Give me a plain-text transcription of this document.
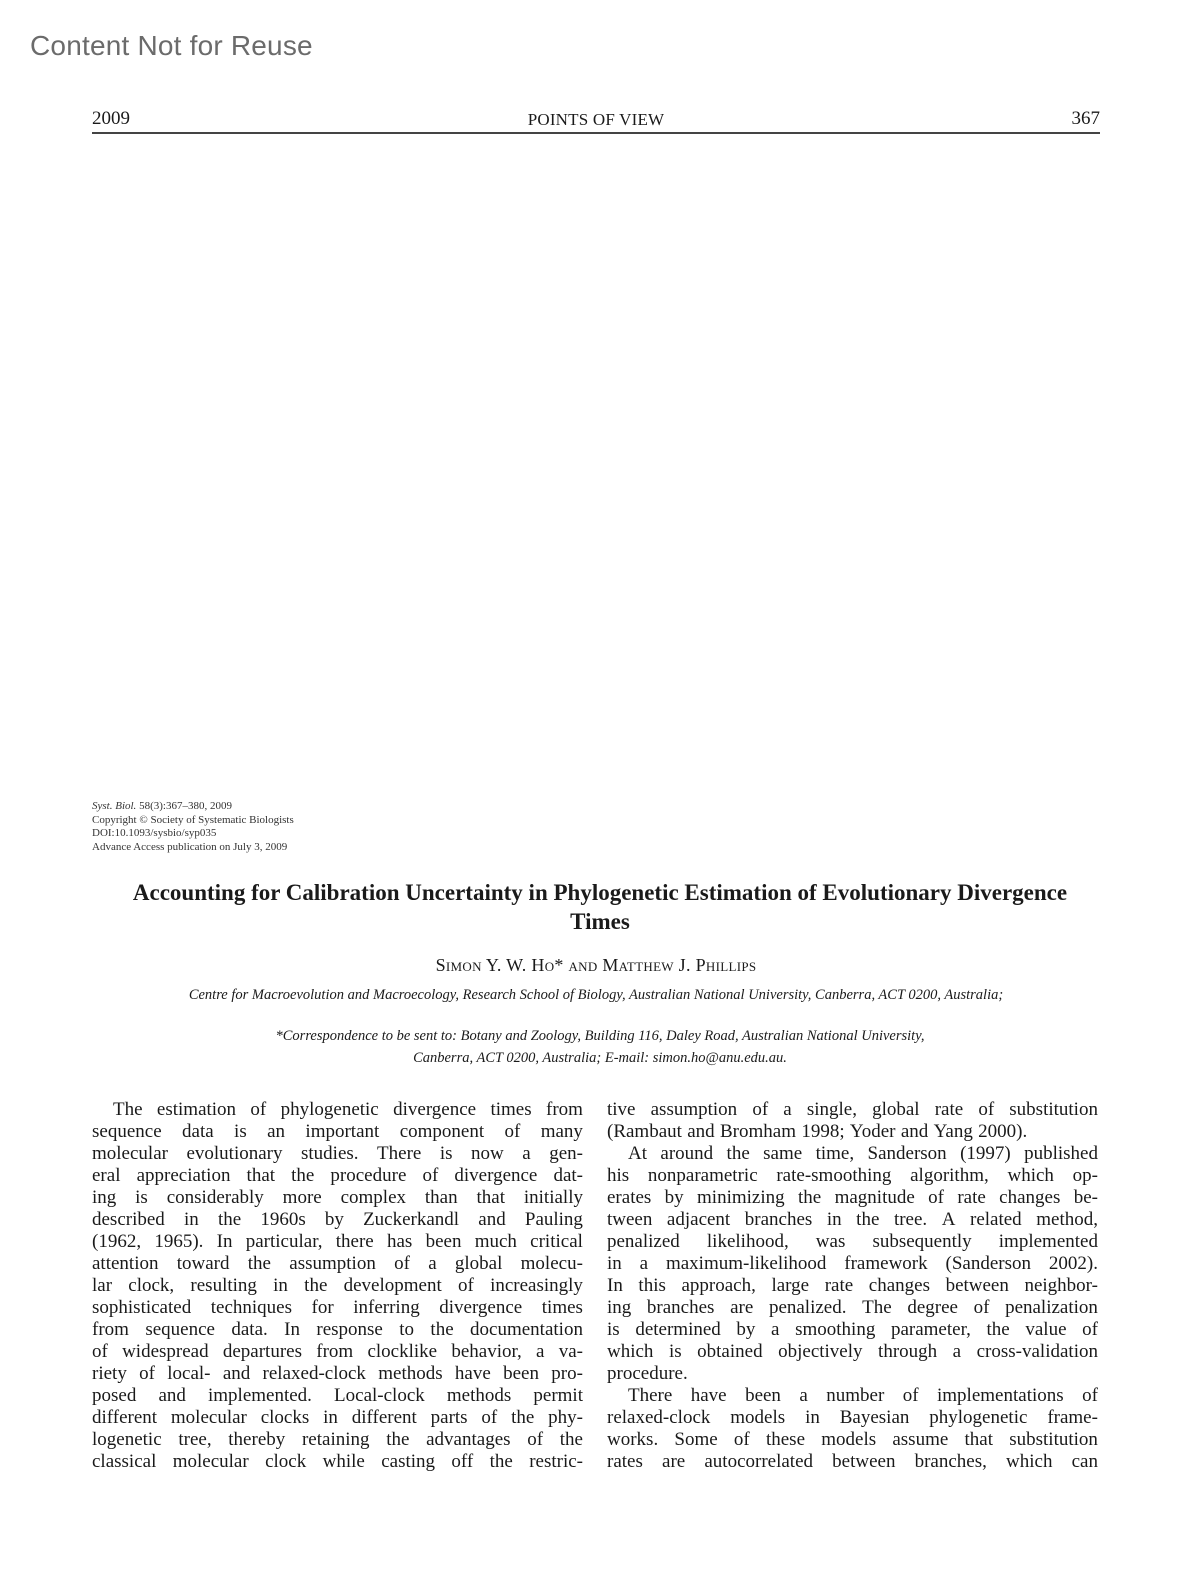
Content Not for Reuse
2009	POINTS OF VIEW	367
Syst. Biol. 58(3):367–380, 2009
Copyright © Society of Systematic Biologists
DOI:10.1093/sysbio/syp035
Advance Access publication on July 3, 2009
Accounting for Calibration Uncertainty in Phylogenetic Estimation of Evolutionary Divergence Times
Simon Y. W. Ho* and Matthew J. Phillips
Centre for Macroevolution and Macroecology, Research School of Biology, Australian National University, Canberra, ACT 0200, Australia;
*Correspondence to be sent to: Botany and Zoology, Building 116, Daley Road, Australian National University,
Canberra, ACT 0200, Australia; E-mail: simon.ho@anu.edu.au.
The estimation of phylogenetic divergence times from
sequence data is an important component of many
molecular evolutionary studies. There is now a gen-
eral appreciation that the procedure of divergence dat-
ing is considerably more complex than that initially
described in the 1960s by Zuckerkandl and Pauling
(1962, 1965). In particular, there has been much critical
attention toward the assumption of a global molecu-
lar clock, resulting in the development of increasingly
sophisticated techniques for inferring divergence times
from sequence data. In response to the documentation
of widespread departures from clocklike behavior, a va-
riety of local- and relaxed-clock methods have been pro-
posed and implemented. Local-clock methods permit
different molecular clocks in different parts of the phy-
logenetic tree, thereby retaining the advantages of the
classical molecular clock while casting off the restric-
tive assumption of a single, global rate of substitution
(Rambaut and Bromham 1998; Yoder and Yang 2000).
At around the same time, Sanderson (1997) published
his nonparametric rate-smoothing algorithm, which op-
erates by minimizing the magnitude of rate changes be-
tween adjacent branches in the tree. A related method,
penalized likelihood, was subsequently implemented
in a maximum-likelihood framework (Sanderson 2002).
In this approach, large rate changes between neighbor-
ing branches are penalized. The degree of penalization
is determined by a smoothing parameter, the value of
which is obtained objectively through a cross-validation
procedure.
There have been a number of implementations of
relaxed-clock models in Bayesian phylogenetic frame-
works. Some of these models assume that substitution
rates are autocorrelated between branches, which can
